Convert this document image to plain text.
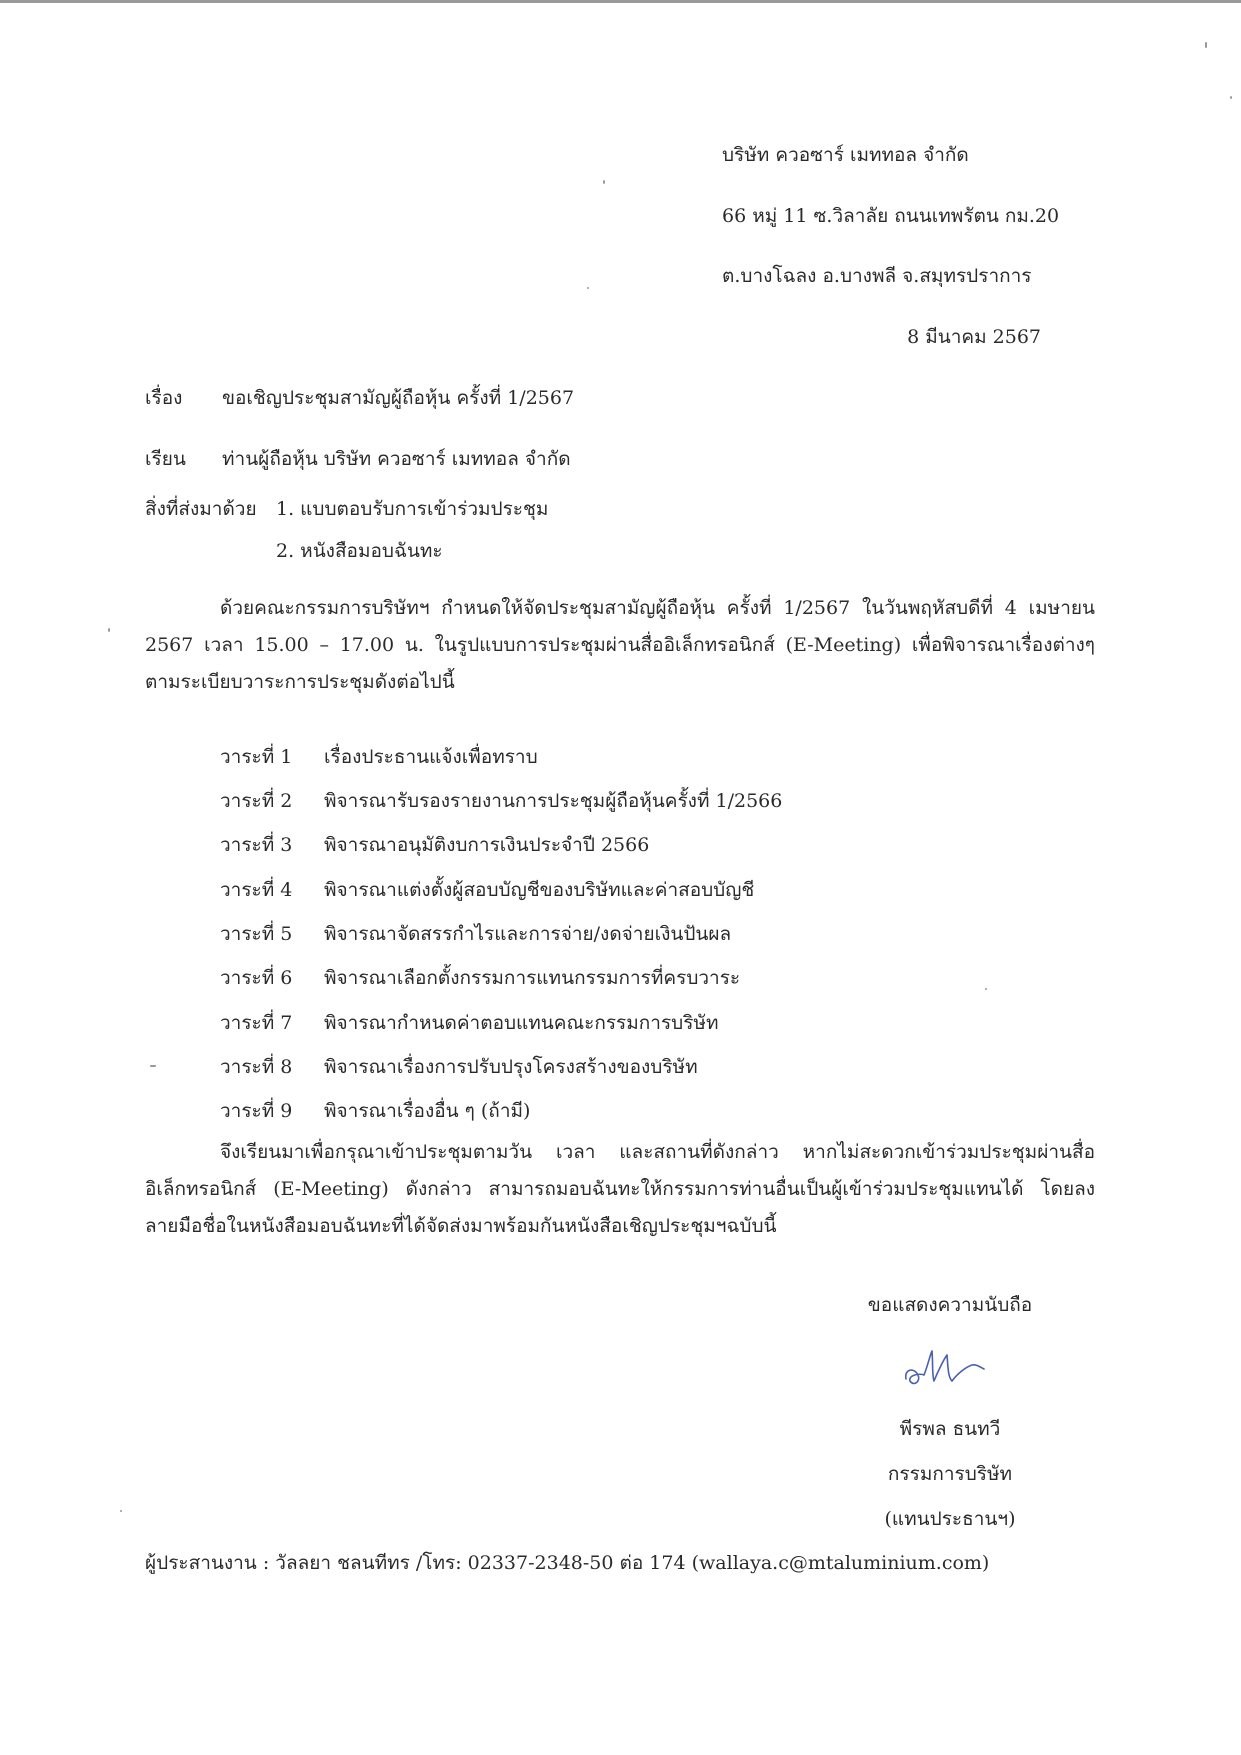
บริษัท ควอซาร์ เมททอล จำกัด
66 หมู่ 11 ซ.วิลาลัย ถนนเทพรัตน กม.20
ต.บางโฉลง อ.บางพลี จ.สมุทรปราการ
8 มีนาคม 2567
เรื่อง ขอเชิญประชุมสามัญผู้ถือหุ้น ครั้งที่ 1/2567
เรียน ท่านผู้ถือหุ้น บริษัท ควอซาร์ เมททอล จำกัด
สิ่งที่ส่งมาด้วย 1. แบบตอบรับการเข้าร่วมประชุม
2. หนังสือมอบฉันทะ
ด้วยคณะกรรมการบริษัทฯ กำหนดให้จัดประชุมสามัญผู้ถือหุ้น ครั้งที่ 1/2567 ในวันพฤหัสบดีที่ 4 เมษายน 2567 เวลา 15.00 – 17.00 น. ในรูปแบบการประชุมผ่านสื่ออิเล็กทรอนิกส์ (E-Meeting) เพื่อพิจารณาเรื่องต่างๆ ตามระเบียบวาระการประชุมดังต่อไปนี้
วาระที่ 1 เรื่องประธานแจ้งเพื่อทราบ
วาระที่ 2 พิจารณารับรองรายงานการประชุมผู้ถือหุ้นครั้งที่ 1/2566
วาระที่ 3 พิจารณาอนุมัติงบการเงินประจำปี 2566
วาระที่ 4 พิจารณาแต่งตั้งผู้สอบบัญชีของบริษัทและค่าสอบบัญชี
วาระที่ 5 พิจารณาจัดสรรกำไรและการจ่าย/งดจ่ายเงินปันผล
วาระที่ 6 พิจารณาเลือกตั้งกรรมการแทนกรรมการที่ครบวาระ
วาระที่ 7 พิจารณากำหนดค่าตอบแทนคณะกรรมการบริษัท
วาระที่ 8 พิจารณาเรื่องการปรับปรุงโครงสร้างของบริษัท
วาระที่ 9 พิจารณาเรื่องอื่น ๆ (ถ้ามี)
จึงเรียนมาเพื่อกรุณาเข้าประชุมตามวัน เวลา และสถานที่ดังกล่าว หากไม่สะดวกเข้าร่วมประชุมผ่านสื่ออิเล็กทรอนิกส์ (E-Meeting) ดังกล่าว สามารถมอบฉันทะให้กรรมการท่านอื่นเป็นผู้เข้าร่วมประชุมแทนได้ โดยลงลายมือชื่อในหนังสือมอบฉันทะที่ได้จัดส่งมาพร้อมกันหนังสือเชิญประชุมฯฉบับนี้
ขอแสดงความนับถือ
พีรพล ธนทวี
กรรมการบริษัท
(แทนประธานฯ)
ผู้ประสานงาน : วัลลยา ชลนทีทร /โทร: 02337-2348-50 ต่อ 174 (wallaya.c@mtaluminium.com)
